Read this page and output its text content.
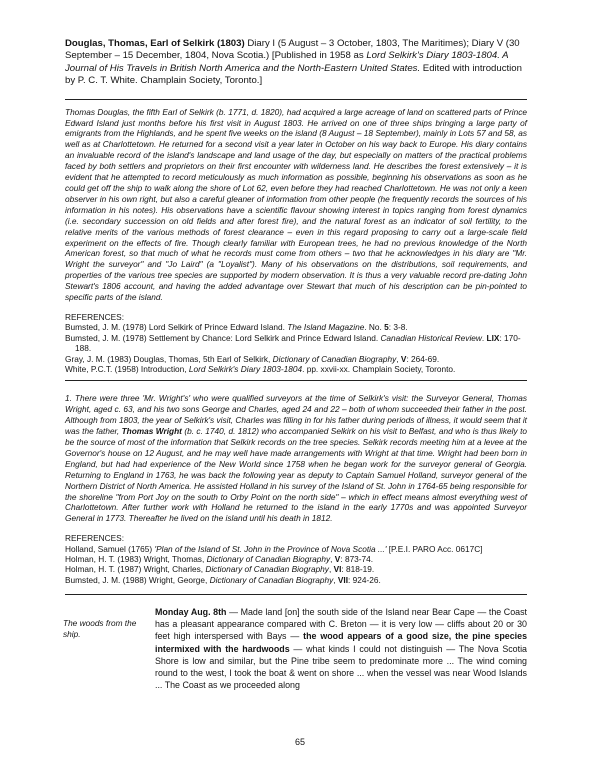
Douglas, Thomas, Earl of Selkirk (1803) Diary I (5 August – 3 October, 1803, The Maritimes); Diary V (30 September – 15 December, 1804, Nova Scotia.) [Published in 1958 as Lord Selkirk's Diary 1803-1804. A Journal of His Travels in British North America and the North-Eastern United States. Edited with introduction by P. C. T. White. Champlain Society, Toronto.]

Thomas Douglas, the fifth Earl of Selkirk (b. 1771, d. 1820), had acquired a large acreage of land on scattered parts of Prince Edward Island just months before his first visit in August 1803. He arrived on one of three ships bringing a large party of emigrants from the Highlands, and he spent five weeks on the island (8 August – 18 September), mainly in Lots 57 and 58, as well as at Charlottetown. He returned for a second visit a year later in October on his way back to Europe. His diary contains an invaluable record of the island's landscape and land usage of the day, but especially on matters of the practical problems faced by both settlers and proprietors on their first encounter with wilderness land. He describes the forest extensively – it is evident that he attempted to record meticulously as much information as possible, beginning his observations as soon as he could get off the ship to walk along the shore of Lot 62, even before they had reached Charlottetown. He was not only a keen observer in his own right, but also a careful gleaner of information from other people (he frequently records the sources of his information in his notes). His observations have a scientific flavour showing interest in topics ranging from forest dynamics (i.e. secondary succession on old fields and after forest fire), and the natural forest as an indicator of soil fertility, to the relative merits of the various methods of forest clearance – even in this regard proposing to carry out a large-scale field experiment on the effects of fire. Though clearly familiar with European trees, he had no previous knowledge of the North American forest, so that much of what he records must come from others – two that he acknowledges in his diary are "Mr. Wright the surveyor" and "Jo Laird" (a "Loyalist"). Many of his observations on the distributions, soil requirements, and properties of the various tree species are supported by modern observation. It is thus a very valuable record pre-dating John Stewart's 1806 account, and having the added advantage over Stewart that much of his description can be pin-pointed to specific parts of the island.

REFERENCES:

Bumsted, J. M. (1978) Lord Selkirk of Prince Edward Island. The Island Magazine. No. 5: 3-8.

Bumsted, J. M. (1978) Settlement by Chance: Lord Selkirk and Prince Edward Island. Canadian Historical Review. LIX: 170-188.

Gray, J. M. (1983) Douglas, Thomas, 5th Earl of Selkirk, Dictionary of Canadian Biography, V: 264-69.

White, P.C.T. (1958) Introduction, Lord Selkirk's Diary 1803-1804. pp. xxvii-xx. Champlain Society, Toronto.

1. There were three 'Mr. Wright's' who were qualified surveyors at the time of Selkirk's visit: the Surveyor General, Thomas Wright, aged c. 63, and his two sons George and Charles, aged 24 and 22 – both of whom succeeded their father in the post. Although from 1803, the year of Selkirk's visit, Charles was filling in for his father during periods of illness, it would seem that it was the father, Thomas Wright (b. c. 1740, d. 1812) who accompanied Selkirk on his visit to Belfast, and who is thus likely to be the source of most of the information that Selkirk records on the tree species. Selkirk records meeting him at a levee at the Governor's house on 12 August, and he may well have made arrangements with Wright at that time. Wright had been born in England, but had had experience of the New World since 1758 when he began work for the surveyor general of Georgia. Returning to England in 1763, he was back the following year as deputy to Captain Samuel Holland, surveyor general of the Northern District of North America. He assisted Holland in his survey of the Island of St. John in 1764-65 being responsible for the shoreline "from Port Joy on the south to Orby Point on the north side" – which in effect means almost everything west of Charlottetown. After further work with Holland he returned to the island in the early 1770s and was appointed Surveyor General in 1773. Thereafter he lived on the island until his death in 1812.

REFERENCES:

Holland, Samuel (1765) 'Plan of the Island of St. John in the Province of Nova Scotia ...' [P.E.I. PARO Acc. 0617C]

Holman, H. T. (1983) Wright, Thomas, Dictionary of Canadian Biography, V: 873-74.

Holman, H. T. (1987) Wright, Charles, Dictionary of Canadian Biography, VI: 818-19.

Bumsted, J. M. (1988) Wright, George, Dictionary of Canadian Biography, VII: 924-26.

The woods from the ship.

Monday Aug. 8th — Made land [on] the south side of the Island near Bear Cape — the Coast has a pleasant appearance compared with C. Breton — it is very low — cliffs about 20 or 30 feet high interspersed with Bays — the wood appears of a good size, the pine species intermixed with the hardwoods — what kinds I could not distinguish — The Nova Scotia Shore is low and similar, but the Pine tribe seem to predominate more ... The wind coming round to the west, I took the boat & went on shore ... when the vessel was near Wood Islands ... The Coast as we proceeded along

65
